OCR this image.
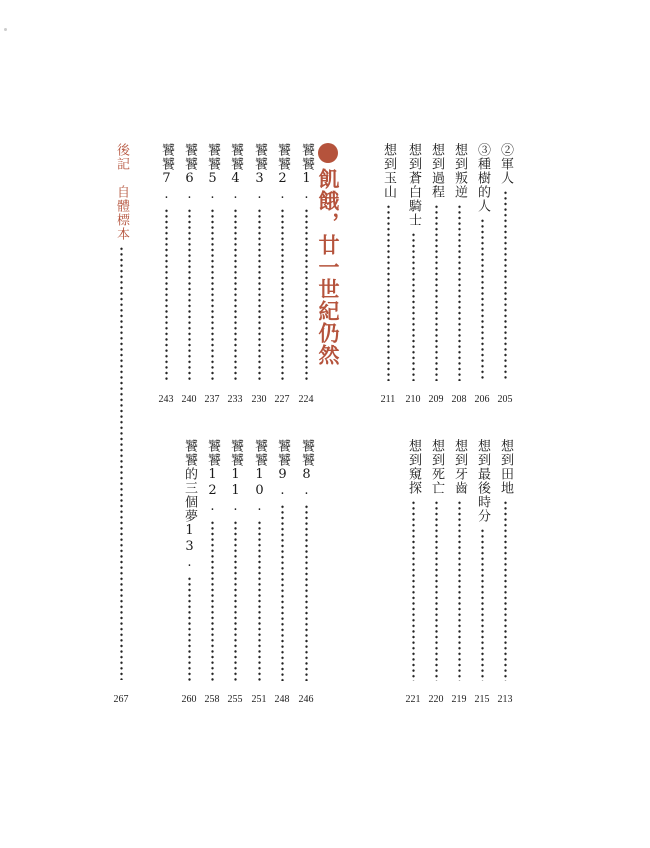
②軍人
205
③種樹的人
206
想到叛逆
208
想到過程
209
想到蒼白騎士
210
想到玉山
211
飢餓，廿一世紀仍然
饕饕1.
224
饕饕2.
227
饕饕3.
230
饕饕4.
233
饕饕5.
237
饕饕6.
240
饕饕7.
243
後記　自體標本
267
想到田地
213
想到最後時分
215
想到牙齒
219
想到死亡
220
想到窺探
221
饕饕8.
246
饕饕9.
248
饕饕10.
251
饕饕11.
255
饕饕12.
258
饕饕的三個夢13.
260
